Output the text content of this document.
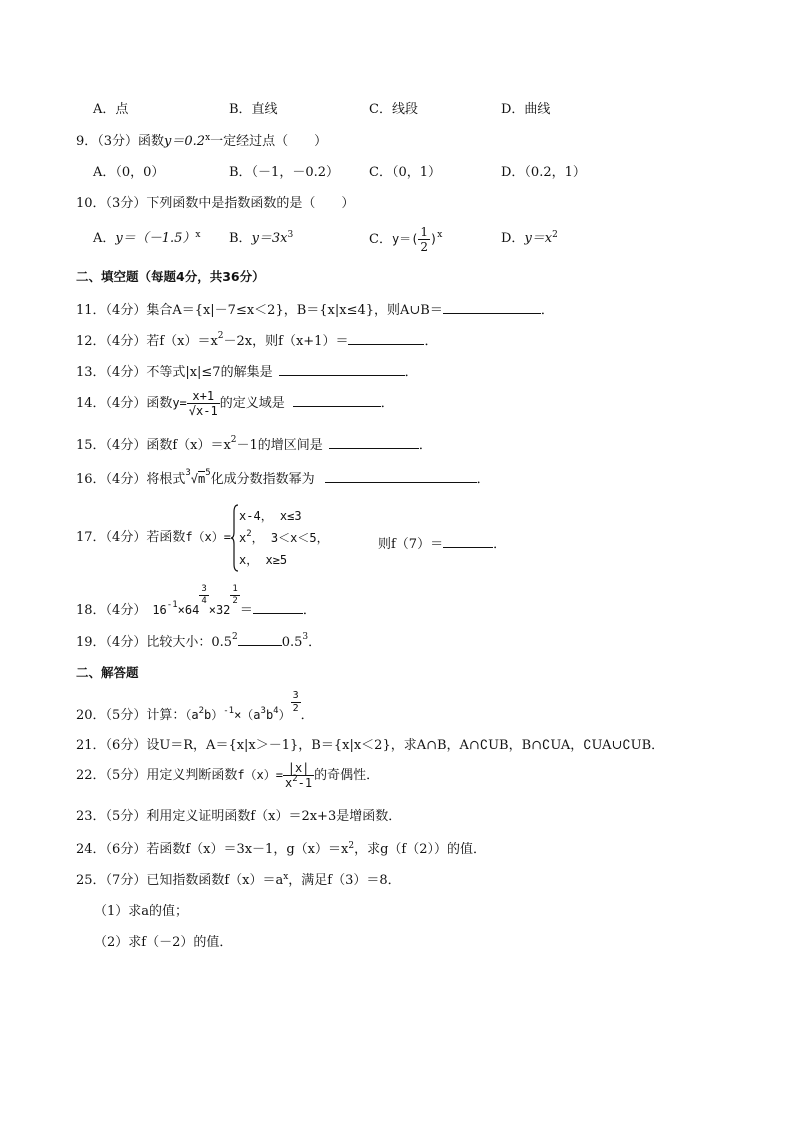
A．点	B．直线	C．线段	D．曲线
9．（3分）函数$y=0.2^x$一定经过点（　　）
A．（0，0）	B．（－1，－0.2） C．（0，1）	D．（0.2，1）
10．（3分）下列函数中是指数函数的是（　　）
A．$y=(-1.5)^x$ B．$y=3x^3$	C．$y=( \frac{1}{2} )^x$	D．$y=x^2$
二、填空题（每题4分，共36分）
11．（4分）集合A＝{x|－7≤x＜2}，B＝{x|x≤4}，则A∪B＝	．
12．（4分）若$f(x)=x^2-2x$，则f（x+1）＝	．
13．（4分）不等式|x|≤7的解集是	．
14．（4分）函数$y= \frac{x+1}{√x-1}$ 的定义域是	．
15．（4分）函数$f(x)=x^2-1$的增区间是	．
16．（4分）将根式$^3√m^5$化成分数指数幂为	．
17．（4分）若函数f（x）=
x-4， x≤3
$x^2$， 3＜x＜5，
x， x≥5
则f（7）＝	．
18．（4分） $16^{-1}\times 64$
$\frac{3}{4}$
×32
$\frac{1}{2}$
＝	．
19．（4分）比较大小：$0.5^2$	$0.5^3$．
二、解答题
20．（5分）计算：$(a^2b)^{-1}\times(a^3b^4) \frac{3}{2}$
．
21．（6分）设U＝R，A＝{x|x＞－1}，B＝{x|x＜2}，求A∩B，A∩∁UB，B∩∁UA，∁UA∪∁UB．
22．（5分）用定义判断函数$f(x)= \frac{|x|}{x^2-1}$ 的奇偶性．
23．（5分）利用定义证明函数f（x）＝2x+3是增函数．
24．（6分）若函数f（x）＝3x－1，$g(x)=x^2$，求g（f（2））的值．
25．（7分）已知指数函数$f(x)=a^x$，满足f（3）＝8．
（1）求a的值；
（2）求f（－2）的值．
